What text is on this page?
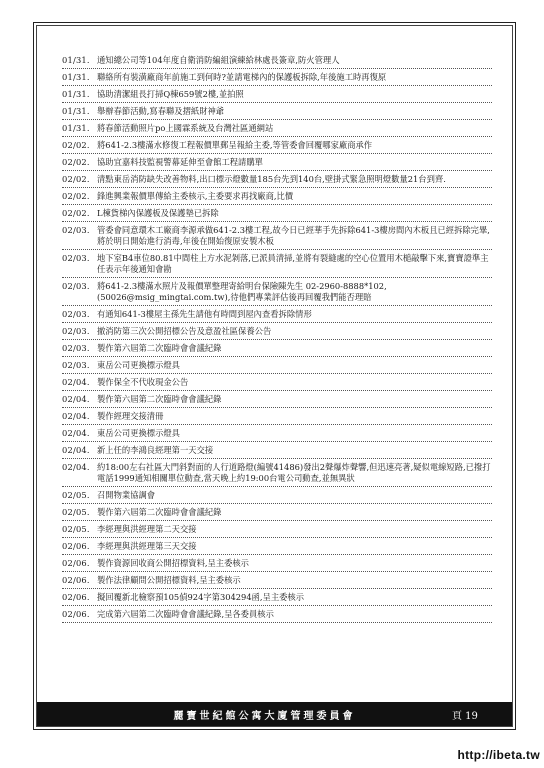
01/31. 通知總公司等104年度自衛消防編組演練給林處長簽章,防火管理人
01/31. 聯絡所有裝潢廠商年前施工到何時?並請電梯內的保護板拆除,年後施工時再復原
01/31. 協助清潔組長打掃Q棟659號2樓,並拍照
01/31. 舉辦春節活動,寫春聯及摺紙財神爺
01/31. 將春節活動照片po上國霖系統及台灣社區通網站
02/02. 將641-2.3樓滿水修復工程報價單郵呈報給主委,等管委會回覆哪家廠商承作
02/02. 協助宜嘉料技監視警幕延伸至會館工程請購單
02/02. 清點東岳消防缺失改善物料,出口標示燈數量185台先到140台,壁掛式緊急照明燈數量21台到齊.
02/02. 鋒進興業報價單傳給主委核示,主委要求再找廠商,比價
02/02. L棟貨梯內保護板及保護墊已拆除
02/03. 管委會同意環木工廠商李源承做641-2.3樓工程,故今日已經華手先拆除641-3樓房間內木板且已經拆除完畢,將於明日開始進行消毒,年後在開始復原安製木板
02/03. 地下室B4車位80.81中間柱上方水泥剝落,已派員清掃,並將有裂縫處的空心位置用木槌敲擊下來,寶寶證準主任表示年後通知會勘
02/03. 將641-2.3樓滿水照片及報價單整理寄給明台保險陳先生 02-2960-8888*102,(50026@msig_mingtai.com.tw),待他們專業評估後再回覆我們能否理賠
02/03. 有通知641-3樓屋主孫先生請他有時間到屋內查看拆除情形
02/03. 撤消防第三次公開招標公告及意盈社區保養公告
02/03. 製作第六屆第二次臨時會會議紀錄
02/03. 東岳公司更換標示燈具
02/04. 製作保全不代收現金公告
02/04. 製作第六屆第二次臨時會會議紀錄
02/04. 製作經理交接清冊
02/04. 東岳公司更換標示燈具
02/04. 新上任的李鴻良經理第一天交接
02/04. 約18:00左右社區大門斜對面的人行道路燈(編號41486)發出2聲爆炸聲響,但迅速亮著,疑似電線短路,已撥打電話1999通知相關單位動查,當天晚上約19:00台電公司動查,並無異狀
02/05. 召開物業協調會
02/05. 製作第六屆第二次臨時會會議紀錄
02/05. 李經理與洪經理第二天交接
02/06. 李經理與洪經理第三天交接
02/06. 製作資源回收商公開招標資料,呈主委核示
02/06. 製作法律顧問公開招標資料,呈主委核示
02/06. 擬回覆新北檢察預105偵924字第304294函,呈主委核示
02/06. 完成第六屆第二次臨時會會議紀錄,呈各委員核示
麗寶世紀館公寓大廈管理委員會	頁 19
http://ibeta.tw
